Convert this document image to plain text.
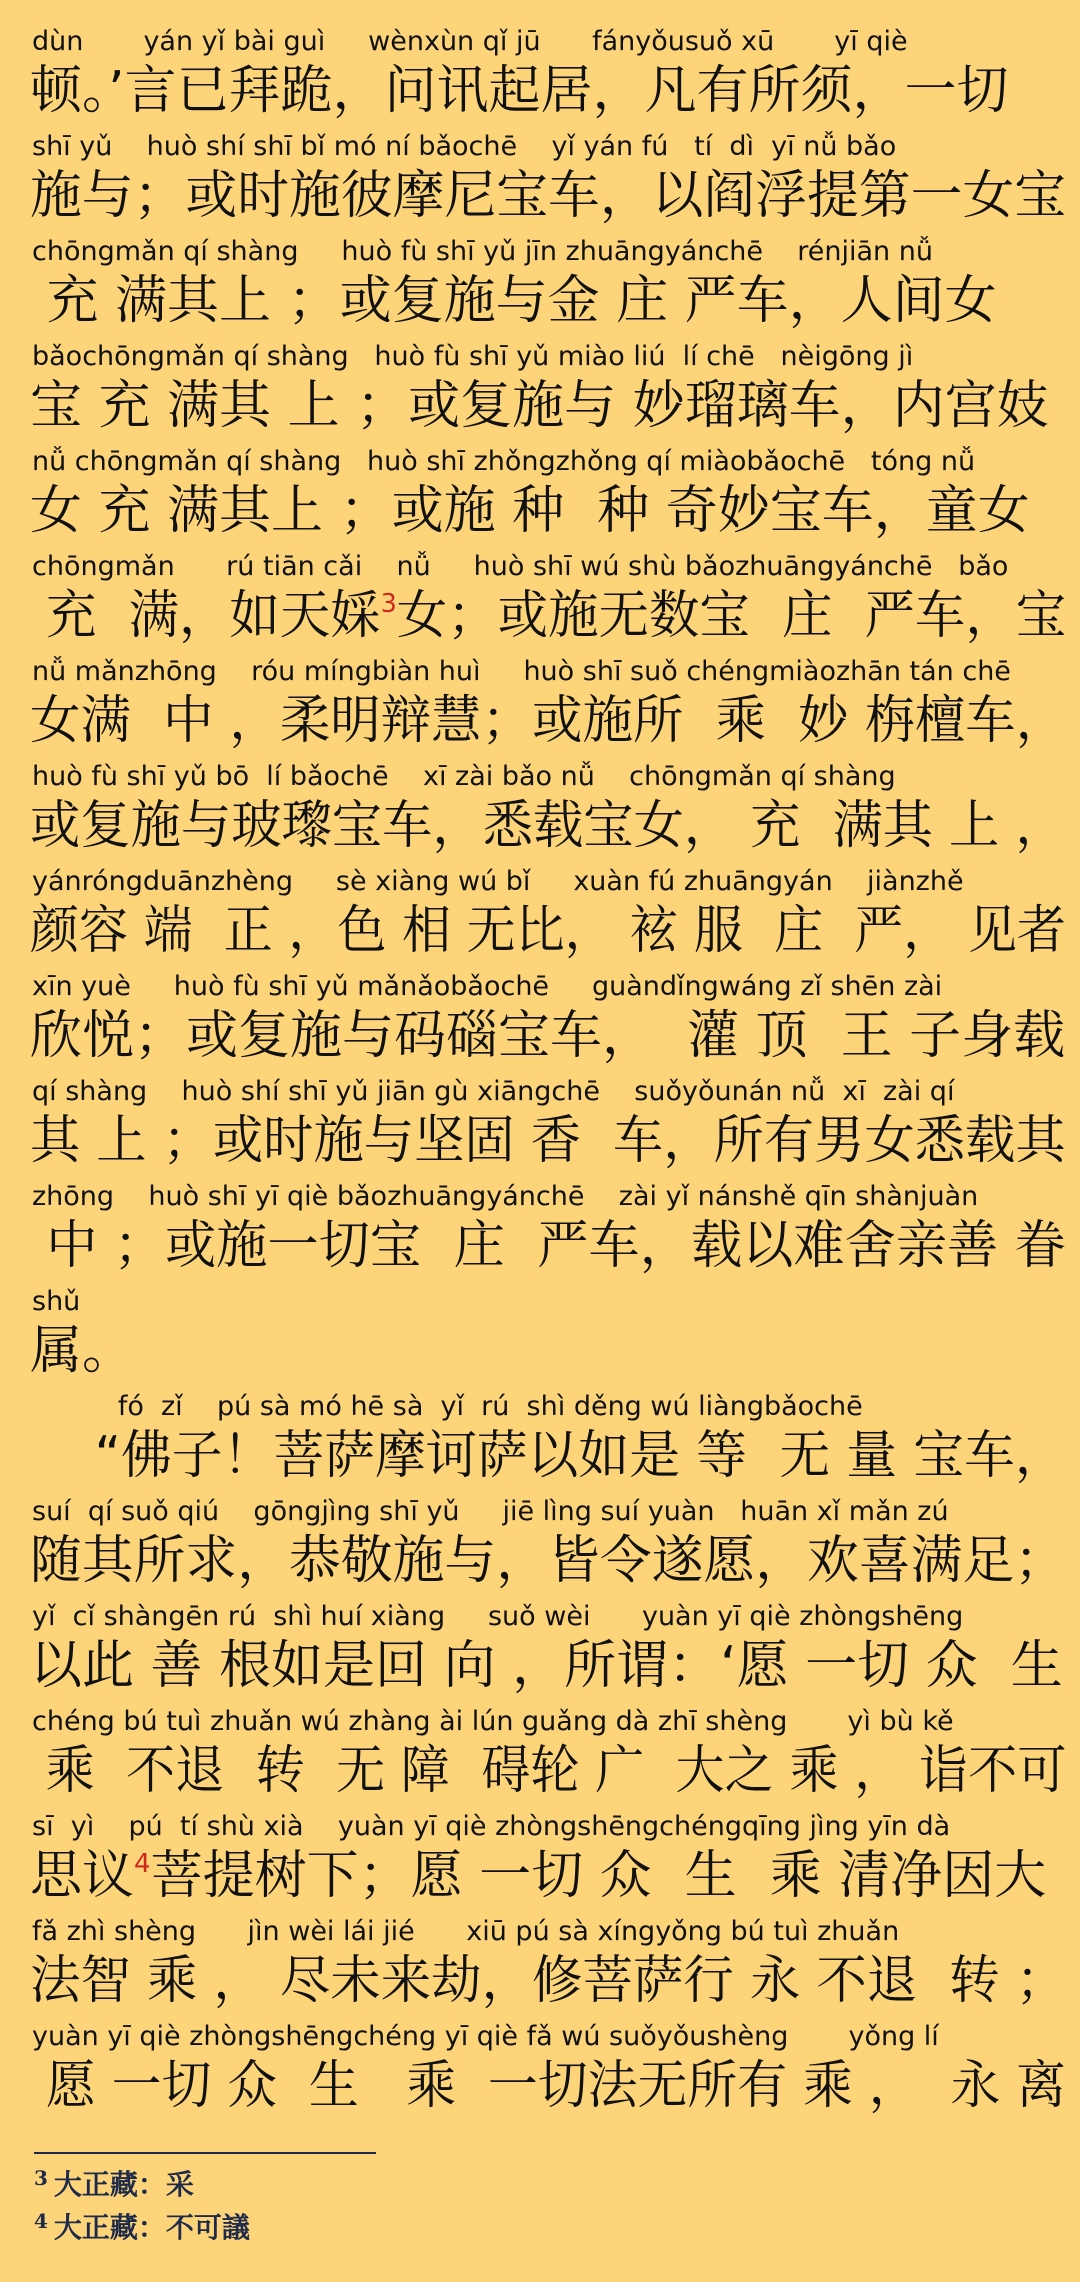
dùn       yán yǐ bài guì     wènxùn qǐ jū      fányǒusuǒ xū       yī qiè
顿。’言已拜跪，问讯起居，凡有所须，一切
shī yǔ    huò shí shī bǐ mó ní bǎochē    yǐ yán fú   tí  dì  yī nǚ bǎo
施与；或时施彼摩尼宝车，以阎浮提第一女宝
chōngmǎn qí shàng     huò fù shī yǔ jīn zhuāngyánchē    rénjiān nǚ
充 满其上 ；或复施与金 庄 严车，人间女
bǎochōngmǎn qí shàng   huò fù shī yǔ miào liú  lí chē   nèigōng jì
宝 充 满其 上 ；或复施与 妙瑠璃车，内宫妓
nǚ chōngmǎn qí shàng   huò shī zhǒngzhǒng qí miàobǎochē   tóng nǚ
女 充 满其上 ；或施 种  种 奇妙宝车，童女
chōngmǎn      rú tiān cǎi    nǚ     huò shī wú shù bǎozhuāngyánchē   bǎo
充  满，如天婇$^3$女；或施无数宝  庄  严车，宝
nǚ mǎnzhōng    róu míngbiàn huì     huò shī suǒ chéngmiàozhān tán chē
女满  中 ，柔明辩慧；或施所  乘  妙 栴檀车，
huò fù shī yǔ bō  lí bǎochē    xī zài bǎo nǚ    chōngmǎn qí shàng
或复施与玻瓈宝车，悉载宝女， 充  满其 上 ，
yánróngduānzhèng     sè xiàng wú bǐ     xuàn fú zhuāngyán    jiànzhě
颜容 端  正 ，色 相 无比， 袨 服  庄  严， 见者
xīn yuè     huò fù shī yǔ mǎnǎobǎochē     guàndǐngwáng zǐ shēn zài
欣悦；或复施与码碯宝车，  灌 顶  王 子身载
qí shàng    huò shí shī yǔ jiān gù xiāngchē    suǒyǒunán nǚ  xī  zài qí
其 上 ；或时施与坚固 香  车，所有男女悉载其
zhōng    huò shī yī qiè bǎozhuāngyánchē    zài yǐ nánshě qīn shànjuàn
中 ；或施一切宝  庄  严车，载以难舍亲善 眷
shǔ
属。
fó  zǐ    pú sà mó hē sà  yǐ  rú  shì děng wú liàngbǎochē
“佛子！菩萨摩诃萨以如是 等  无 量 宝车，
suí  qí suǒ qiú    gōngjìng shī yǔ     jiē lìng suí yuàn   huān xǐ mǎn zú
随其所求，恭敬施与，皆令遂愿，欢喜满足；
yǐ  cǐ shàngēn rú  shì huí xiàng     suǒ wèi      yuàn yī qiè zhòngshēng
以此 善 根如是回 向 ，所谓：‘愿 一切 众  生
chéng bú tuì zhuǎn wú zhàng ài lún guǎng dà zhī shèng       yì bù kě
乘  不退  转  无 障  碍轮 广  大之 乘 ， 诣不可
sī  yì    pú  tí shù xià    yuàn yī qiè zhòngshēngchéngqīng jìng yīn dà
思议$^4$菩提树下；愿 一切 众  生  乘 清净因大
fǎ zhì shèng      jìn wèi lái jié      xiū pú sà xíngyǒng bú tuì zhuǎn
法智 乘 ， 尽未来劫，修菩萨行 永 不退  转 ；
yuàn yī qiè zhòngshēngchéng yī qiè fǎ wú suǒyǒushèng       yǒng lí
愿 一切 众  生   乘  一切法无所有 乘 ，  永 离
3 大正藏：采
4 大正藏：不可議
